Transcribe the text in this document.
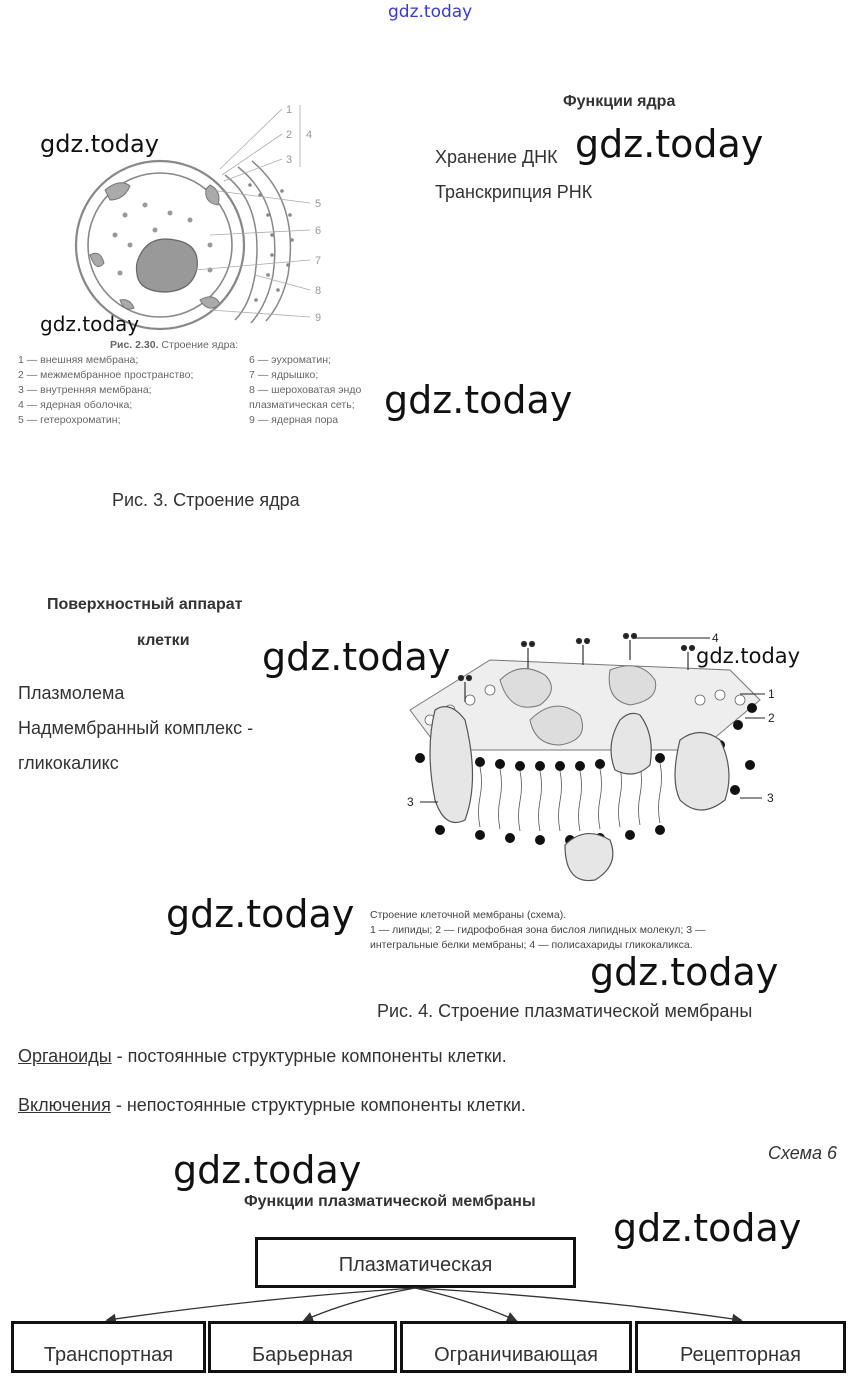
gdz.today
1
2
3
4
5
6
7
8
9
gdz.today
gdz.today
Рис. 2.30. Строение ядра:
1 — внешняя мембрана;
2 — межмембранное пространство;
3 — внутренняя мембрана;
4 — ядерная оболочка;
5 — гетерохроматин;
6 — эухроматин;
7 — ядрышко;
8 — шероховатая эндо
плазматическая сеть;
9 — ядерная пора	gdz.today
Функции ядра
Хранение ДНК
Транскрипция РНК
gdz.today
Рис. 3. Строение ядра
Поверхностный аппарат
клетки
Плазмолема
Надмембранный комплекс -
гликокаликс
gdz.today	gdz.today
4
1
2
3	3
gdz.today Строение клеточной мембраны (схема).
1 — липиды; 2 — гидрофобная зона бислоя липидных молекул; 3 —
интегральные белки мембраны; 4 — полисахариды гликокаликса.
gdz.today
Рис. 4. Строение плазматической мембраны
Органоиды - постоянные структурные компоненты клетки.
Включения - непостоянные структурные компоненты клетки.
Схема 6
gdz.today
Функции плазматической мембраны
gdz.today
Плазматическая
Транспортная	Барьерная	Ограничивающая	Рецепторная
